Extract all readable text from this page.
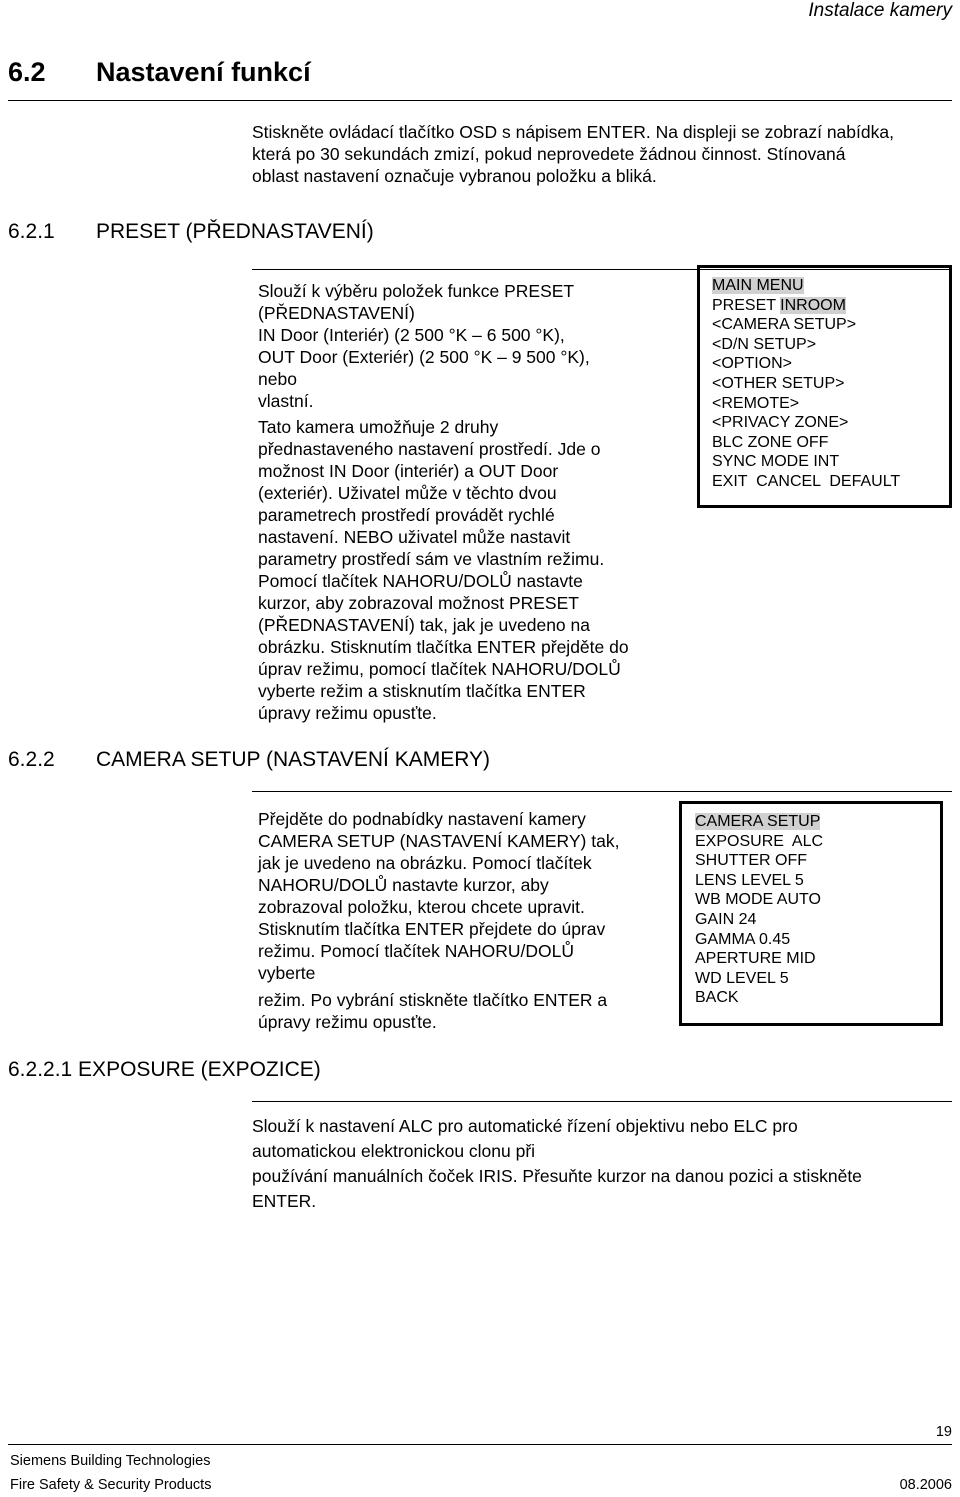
Instalace kamery
6.2 Nastavení funkcí
Stiskněte ovládací tlačítko OSD s nápisem ENTER. Na displeji se zobrazí nabídka,
která po 30 sekundách zmizí, pokud neprovedete žádnou činnost. Stínovaná
oblast nastavení označuje vybranou položku a bliká.
6.2.1 PRESET (PŘEDNASTAVENÍ)
Slouží k výběru položek funkce PRESET
(PŘEDNASTAVENÍ)
IN Door (Interiér) (2 500 °K – 6 500 °K),
OUT Door (Exteriér) (2 500 °K – 9 500 °K),
nebo
vlastní.
Tato kamera umožňuje 2 druhy
přednastaveného nastavení prostředí. Jde o
možnost IN Door (interiér) a OUT Door
(exteriér). Uživatel může v těchto dvou
parametrech prostředí provádět rychlé
nastavení. NEBO uživatel může nastavit
parametry prostředí sám ve vlastním režimu.
Pomocí tlačítek NAHORU/DOLŮ nastavte
kurzor, aby zobrazoval možnost PRESET
(PŘEDNASTAVENÍ) tak, jak je uvedeno na
obrázku. Stisknutím tlačítka ENTER přejděte do
úprav režimu, pomocí tlačítek NAHORU/DOLŮ
vyberte režim a stisknutím tlačítka ENTER
úpravy režimu opusťte.
MAIN MENU
PRESET INROOM
<CAMERA SETUP>
<D/N SETUP>
<OPTION>
<OTHER SETUP>
<REMOTE>
<PRIVACY ZONE>
BLC ZONE OFF
SYNC MODE INT
EXIT  CANCEL  DEFAULT
6.2.2 CAMERA SETUP (NASTAVENÍ KAMERY)
Přejděte do podnabídky nastavení kamery
CAMERA SETUP (NASTAVENÍ KAMERY) tak,
jak je uvedeno na obrázku. Pomocí tlačítek
NAHORU/DOLŮ nastavte kurzor, aby
zobrazoval položku, kterou chcete upravit.
Stisknutím tlačítka ENTER přejdete do úprav
režimu. Pomocí tlačítek NAHORU/DOLŮ
vyberte
režim. Po vybrání stiskněte tlačítko ENTER a
úpravy režimu opusťte.
CAMERA SETUP
EXPOSURE  ALC
SHUTTER OFF
LENS LEVEL 5
WB MODE AUTO
GAIN 24
GAMMA 0.45
APERTURE MID
WD LEVEL 5
BACK
6.2.2.1 EXPOSURE (EXPOZICE)
Slouží k nastavení ALC pro automatické řízení objektivu nebo ELC pro
automatickou elektronickou clonu při
používání manuálních čoček IRIS. Přesuňte kurzor na danou pozici a stiskněte
ENTER.
19
Siemens Building Technologies
Fire Safety & Security Products	08.2006
